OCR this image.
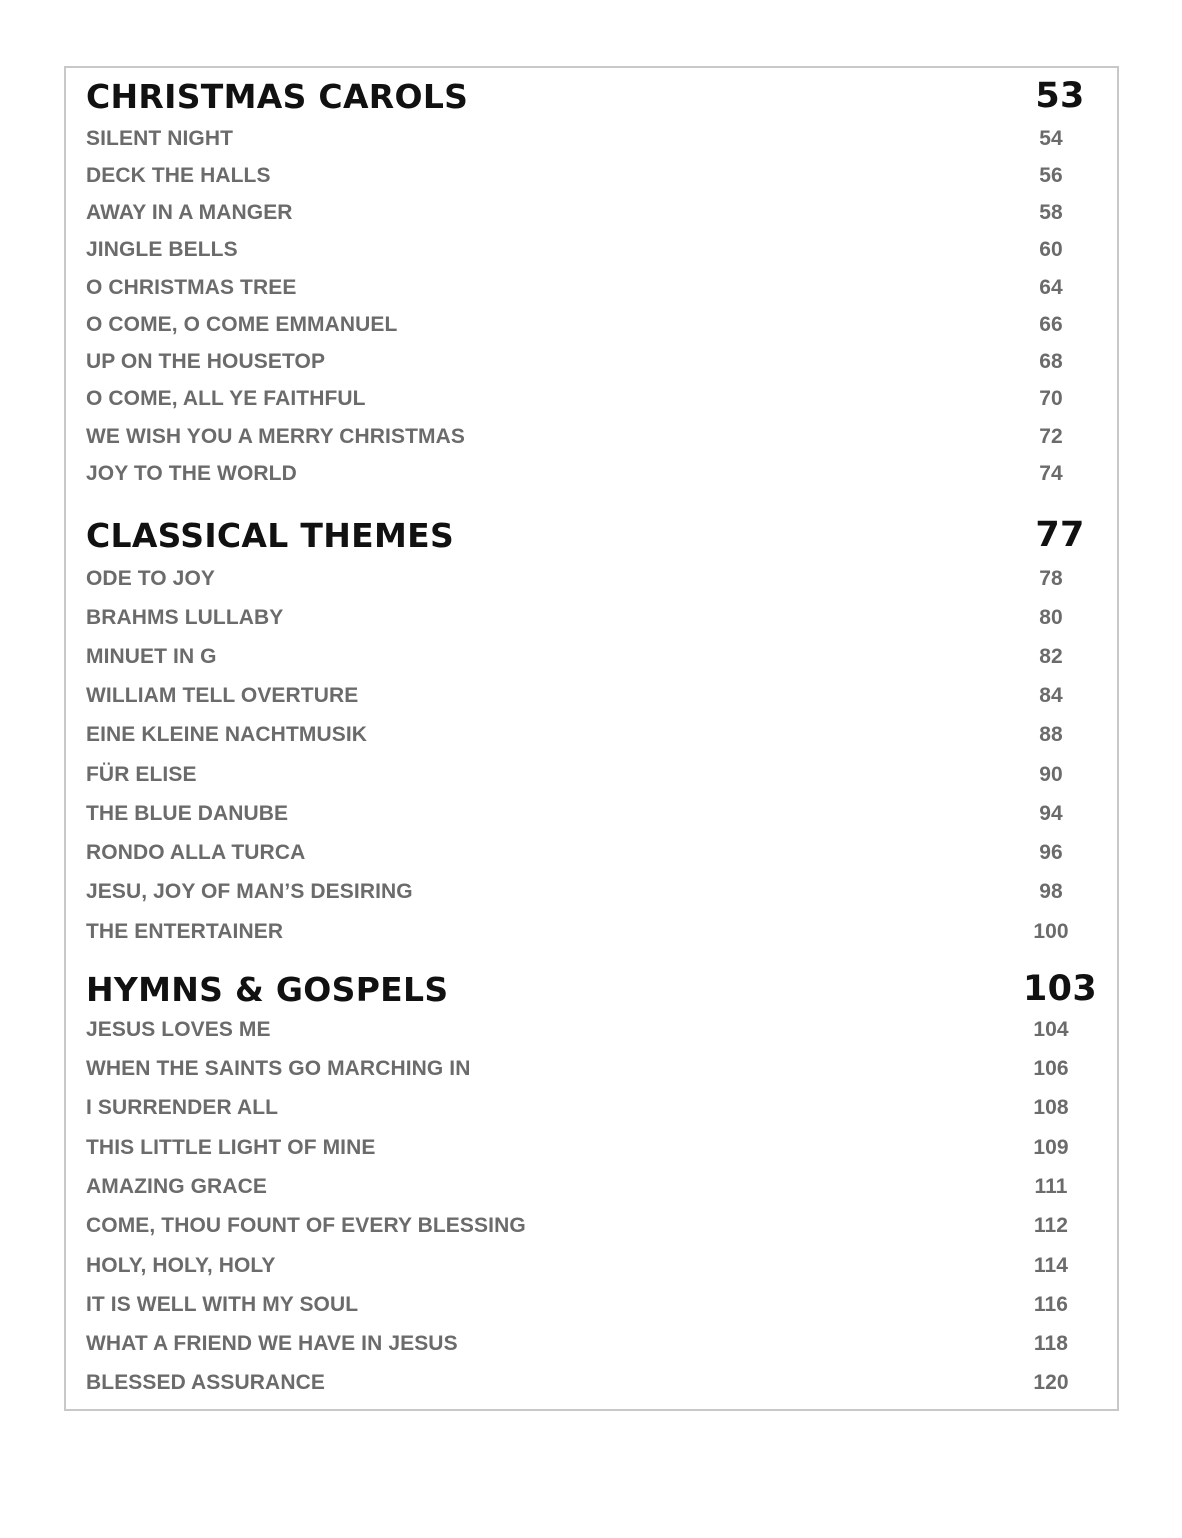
CHRISTMAS CAROLS	53
SILENT NIGHT	54
DECK THE HALLS	56
AWAY IN A MANGER	58
JINGLE BELLS	60
O CHRISTMAS TREE	64
O COME, O COME EMMANUEL	66
UP ON THE HOUSETOP	68
O COME, ALL YE FAITHFUL	70
WE WISH YOU A MERRY CHRISTMAS	72
JOY TO THE WORLD	74
CLASSICAL THEMES	77
ODE TO JOY	78
BRAHMS LULLABY	80
MINUET IN G	82
WILLIAM TELL OVERTURE	84
EINE KLEINE NACHTMUSIK	88
FÜR ELISE	90
THE BLUE DANUBE	94
RONDO ALLA TURCA	96
JESU, JOY OF MAN’S DESIRING	98
THE ENTERTAINER	100
HYMNS & GOSPELS	103
JESUS LOVES ME	104
WHEN THE SAINTS GO MARCHING IN	106
I SURRENDER ALL	108
THIS LITTLE LIGHT OF MINE	109
AMAZING GRACE	111
COME, THOU FOUNT OF EVERY BLESSING	112
HOLY, HOLY, HOLY	114
IT IS WELL WITH MY SOUL	116
WHAT A FRIEND WE HAVE IN JESUS	118
BLESSED ASSURANCE	120
